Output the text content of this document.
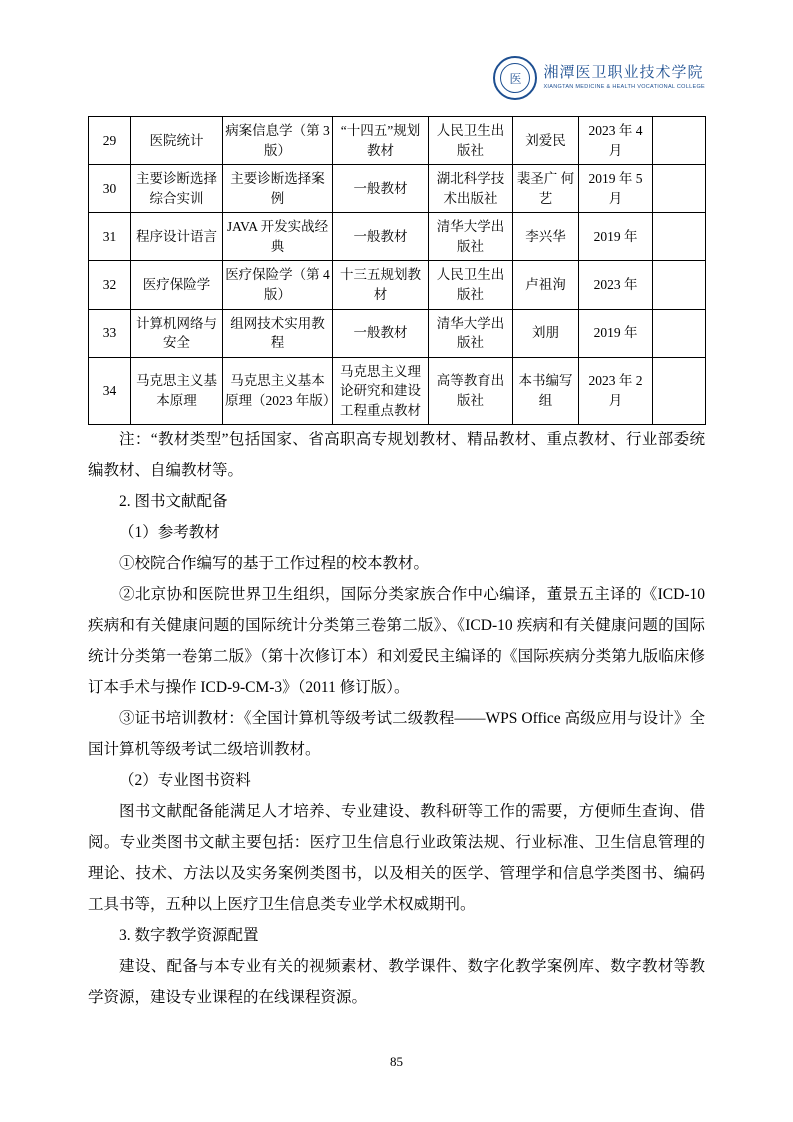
医	湘潭医卫职业技术学院
XIANGTAN MEDICINE & HEALTH VOCATIONAL COLLEGE
29	医院统计	病案信息学（第 3 版）	“十四五”规划教材	人民卫生出版社	刘爱民	2023 年 4 月	
30	主要诊断选择综合实训	主要诊断选择案例	一般教材	湖北科学技术出版社	裴圣广 何艺	2019 年 5 月	
31	程序设计语言	JAVA 开发实战经典	一般教材	清华大学出版社	李兴华	2019 年	
32	医疗保险学	医疗保险学（第 4 版）	十三五规划教材	人民卫生出版社	卢祖洵	2023 年	
33	计算机网络与安全	组网技术实用教程	一般教材	清华大学出版社	刘朋	2019 年	
34	马克思主义基本原理	马克思主义基本原理（2023 年版）	马克思主义理论研究和建设工程重点教材	高等教育出版社	本书编写组	2023 年 2 月	

注：“教材类型”包括国家、省高职高专规划教材、精品教材、重点教材、行业部委统编教材、自编教材等。

2. 图书文献配备

（1）参考教材

①校院合作编写的基于工作过程的校本教材。

②北京协和医院世界卫生组织，国际分类家族合作中心编译，董景五主译的《ICD-10 疾病和有关健康问题的国际统计分类第三卷第二版》、《ICD-10 疾病和有关健康问题的国际统计分类第一卷第二版》（第十次修订本）和刘爱民主编译的《国际疾病分类第九版临床修订本手术与操作 ICD-9-CM-3》（2011 修订版）。

③证书培训教材：《全国计算机等级考试二级教程——WPS Office 高级应用与设计》全国计算机等级考试二级培训教材。

（2）专业图书资料

图书文献配备能满足人才培养、专业建设、教科研等工作的需要，方便师生查询、借阅。专业类图书文献主要包括：医疗卫生信息行业政策法规、行业标准、卫生信息管理的理论、技术、方法以及实务案例类图书，以及相关的医学、管理学和信息学类图书、编码工具书等，五种以上医疗卫生信息类专业学术权威期刊。

3. 数字教学资源配置

建设、配备与本专业有关的视频素材、教学课件、数字化教学案例库、数字教材等教学资源，建设专业课程的在线课程资源。

85
